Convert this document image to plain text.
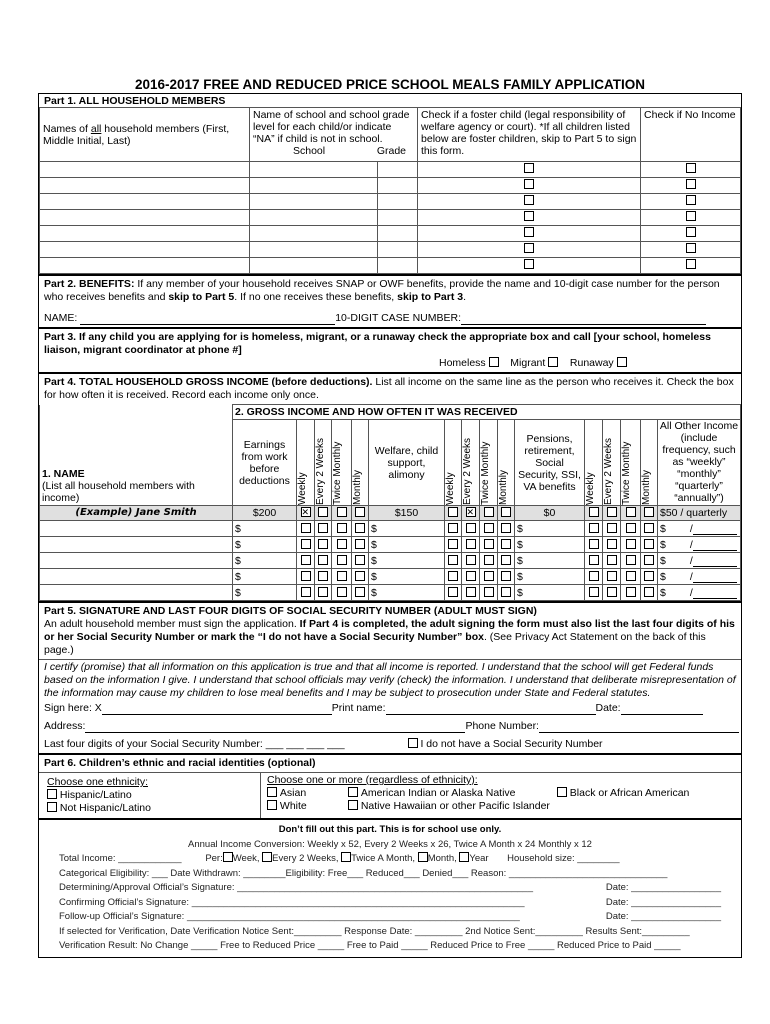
2016-2017 FREE AND REDUCED PRICE SCHOOL MEALS FAMILY APPLICATION
Part 1. ALL HOUSEHOLD MEMBERS
Names of all household members (First, Middle Initial, Last)	Name of school and school grade level for each child/or indicate “NA” if child is not in school.
School Grade		Check if a foster child (legal responsibility of welfare agency or court). *If all children listed below are foster children, skip to Part 5 to sign this form.	Check if No Income

Part 2. BENEFITS: If any member of your household receives SNAP or OWF benefits, provide the name and 10-digit case number for the person who receives benefits and skip to Part 5. If no one receives these benefits, skip to Part 3.
NAME:	10-DIGIT CASE NUMBER:
Part 3. If any child you are applying for is homeless, migrant, or a runaway check the appropriate box and call [your school, homeless liaison, migrant coordinator at phone #]
Homeless Migrant Runaway
Part 4. TOTAL HOUSEHOLD GROSS INCOME (before deductions). List all income on the same line as the person who receives it. Check the box for how often it is received. Record each income only once.
1. NAME
(List all household members with income)	2. GROSS INCOME AND HOW OFTEN IT WAS RECEIVED															
	Earnings from work before deductions	Weekly	Every 2 Weeks	Twice Monthly	Monthly	Welfare, child support, alimony	Weekly	Every 2 Weeks	Twice Monthly	Monthly	Pensions, retirement, Social Security, SSI, VA benefits	Weekly	Every 2 Weeks	Twice Monthly	Monthly	All Other Income (include frequency, such as “weekly” “monthly” “quarterly” “annually”)
(Example) Jane Smith	$200	✕				$150		✕			$0					$50 / quarterly
	$					$					$					$ /
	$					$					$					$ /
	$					$					$					$ /
	$					$					$					$ /
	$					$					$					$ /
Part 5. SIGNATURE AND LAST FOUR DIGITS OF SOCIAL SECURITY NUMBER (ADULT MUST SIGN)
An adult household member must sign the application. If Part 4 is completed, the adult signing the form must also list the last four digits of his or her Social Security Number or mark the “I do not have a Social Security Number” box. (See Privacy Act Statement on the back of this page.)
I certify (promise) that all information on this application is true and that all income is reported. I understand that the school will get Federal funds based on the information I give. I understand that school officials may verify (check) the information. I understand that deliberate misrepresentation of the information may cause my children to lose meal benefits and I may be subject to prosecution under State and Federal statutes.
Sign here: X	Print name:	Date:
Address:	Phone Number:
Last four digits of your Social Security Number: ___ ___ ___ ___	I do not have a Social Security Number
Part 6. Children’s ethnic and racial identities (optional)
Choose one ethnicity:
Hispanic/Latino
Not Hispanic/Latino
Choose one or more (regardless of ethnicity):
Asian	American Indian or Alaska Native	Black or African American
White	Native Hawaiian or other Pacific Islander
Don’t fill out this part. This is for school use only.
Annual Income Conversion: Weekly x 52, Every 2 Weeks x 26, Twice A Month x 24 Monthly x 12
Total Income: ____________	Per: Week, Every 2 Weeks, Twice A Month, Month, Year Household size: ________
Categorical Eligibility: ___ Date Withdrawn: ________Eligibility: Free___ Reduced___ Denied___ Reason: ______________________________
Determining/Approval Official’s Signature: ________________________________________________________	Date: _________________
Confirming Official’s Signature: _______________________________________________________________	Date: _________________
Follow-up Official’s Signature: _______________________________________________________________	Date: _________________
If selected for Verification, Date Verification Notice Sent:_________ Response Date: _________ 2nd Notice Sent:_________ Results Sent:_________
Verification Result: No Change _____ Free to Reduced Price _____ Free to Paid _____ Reduced Price to Free _____ Reduced Price to Paid _____
